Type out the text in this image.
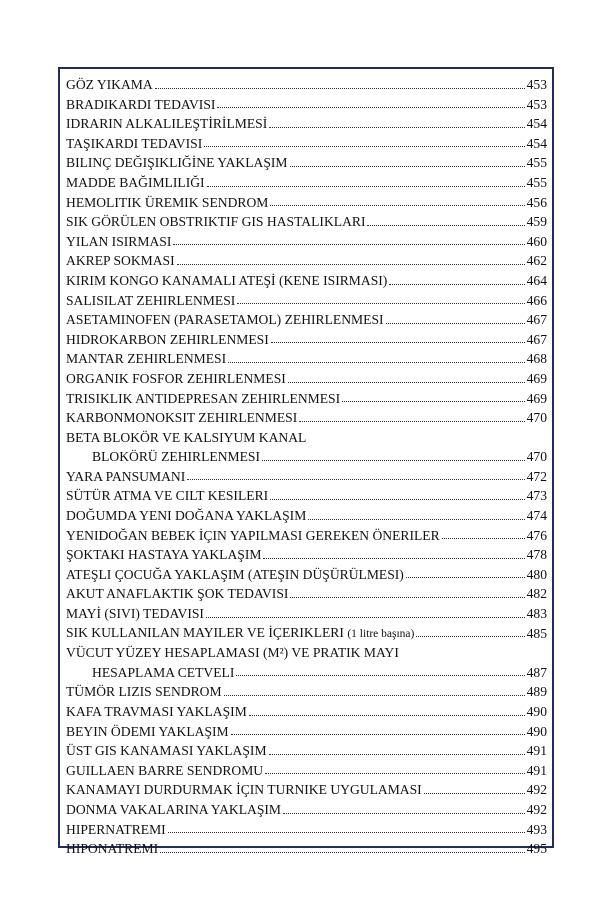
GÖZ YIKAMA	453
BRADIKARDI TEDAVISI	453
IDRARIN ALKALILEŞTİRİLMESİ	454
TAŞIKARDI TEDAVISI	454
BILINÇ DEĞIŞIKLIĞİNE YAKLAŞIM	455
MADDE BAĞIMLILIĞI	455
HEMOLITIK ÜREMIK SENDROM	456
SIK GÖRÜLEN OBSTRIKTIF GIS HASTALIKLARI	459
YILAN ISIRMASI	460
AKREP SOKMASI	462
KIRIM KONGO KANAMALI ATEŞİ (KENE ISIRMASI)	464
SALISILAT ZEHIRLENMESI	466
ASETAMINOFEN (PARASETAMOL) ZEHIRLENMESI	467
HIDROKARBON ZEHIRLENMESI	467
MANTAR ZEHIRLENMESI	468
ORGANIK FOSFOR ZEHIRLENMESI	469
TRISIKLIK ANTIDEPRESAN ZEHIRLENMESI	469
KARBONMONOKSIT ZEHIRLENMESI	470
BETA BLOKÖR VE KALSIYUM KANAL
BLOKÖRÜ ZEHIRLENMESI	470
YARA PANSUMANI	472
SÜTÜR ATMA VE CILT KESILERI	473
DOĞUMDA YENI DOĞANA YAKLAŞIM	474
YENIDOĞAN BEBEK İÇIN YAPILMASI GEREKEN ÖNERILER	476
ŞOKTAKI HASTAYA YAKLAŞIM	478
ATEŞLI ÇOCUĞA YAKLAŞIM (ATEŞIN DÜŞÜRÜLMESI)	480
AKUT ANAFLAKTIK ŞOK TEDAVISI	482
MAYİ (SIVI) TEDAVISI	483
SIK KULLANILAN MAYILER VE İÇERIKLERI (1 litre başına)	485
VÜCUT YÜZEY HESAPLAMASI (M²) VE PRATIK MAYI
HESAPLAMA CETVELI	487
TÜMÖR LIZIS SENDROM	489
KAFA TRAVMASI YAKLAŞIM	490
BEYIN ÖDEMI YAKLAŞIM	490
ÜST GIS KANAMASI YAKLAŞIM	491
GUILLAEN BARRE SENDROMU	491
KANAMAYI DURDURMAK İÇIN TURNIKE UYGULAMASI	492
DONMA VAKALARINA YAKLAŞIM	492
HIPERNATREMI	493
HIPONATREMI	495
